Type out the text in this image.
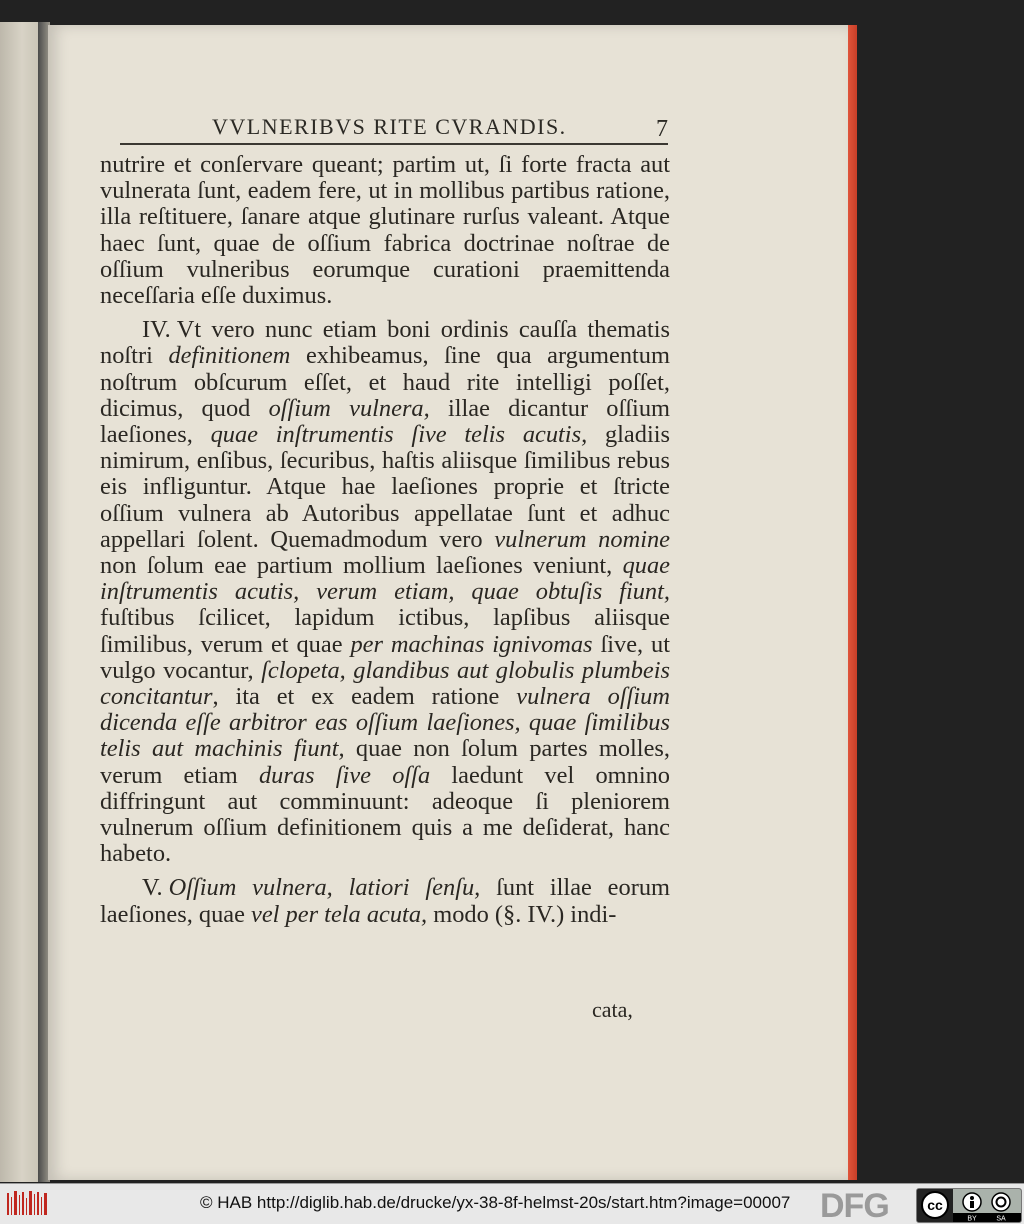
VVLNERIBVS RITE CVRANDIS.	7

nutrire et conſervare queant; partim ut, ſi forte fracta aut vulnerata ſunt, eadem fere, ut in mollibus partibus ratione, illa reſtituere, ſanare atque glutinare rurſus valeant. Atque haec ſunt, quae de oſſium fabrica doctrinae noſtrae de oſſium vulneribus eorumque curationi praemittenda neceſſaria eſſe duximus.

IV. Vt vero nunc etiam boni ordinis cauſſa thematis noſtri definitionem exhibeamus, ſine qua argumentum noſtrum obſcurum eſſet, et haud rite intelligi poſſet, dicimus, quod oſſium vulnera, illae dicantur oſſium laeſiones, quae inſtrumentis ſive telis acutis, gladiis nimirum, enſibus, ſecuribus, haſtis aliisque ſimilibus rebus eis infliguntur. Atque hae laeſiones proprie et ſtricte oſſium vulnera ab Autoribus appellatae ſunt et adhuc appellari ſolent. Quemadmodum vero vulnerum nomine non ſolum eae partium mollium laeſiones veniunt, quae inſtrumentis acutis, verum etiam, quae obtuſis fiunt, fuſtibus ſcilicet, lapidum ictibus, lapſibus aliisque ſimilibus, verum et quae per machinas ignivomas ſive, ut vulgo vocantur, ſclopeta, glandibus aut globulis plumbeis concitantur, ita et ex eadem ratione vulnera oſſium dicenda eſſe arbitror eas oſſium laeſiones, quae ſimilibus telis aut machinis fiunt, quae non ſolum partes molles, verum etiam duras ſive oſſa laedunt vel omnino diffringunt aut comminuunt: adeoque ſi pleniorem vulnerum oſſium definitionem quis a me deſiderat, hanc habeto.

V. Oſſium vulnera, latiori ſenſu, ſunt illae eorum laeſiones, quae vel per tela acuta, modo (§. IV.) indi-

cata,
© HAB http://diglib.hab.de/drucke/yx-38-8f-helmst-20s/start.htm?image=00007 DFG	cc
BY	SA
